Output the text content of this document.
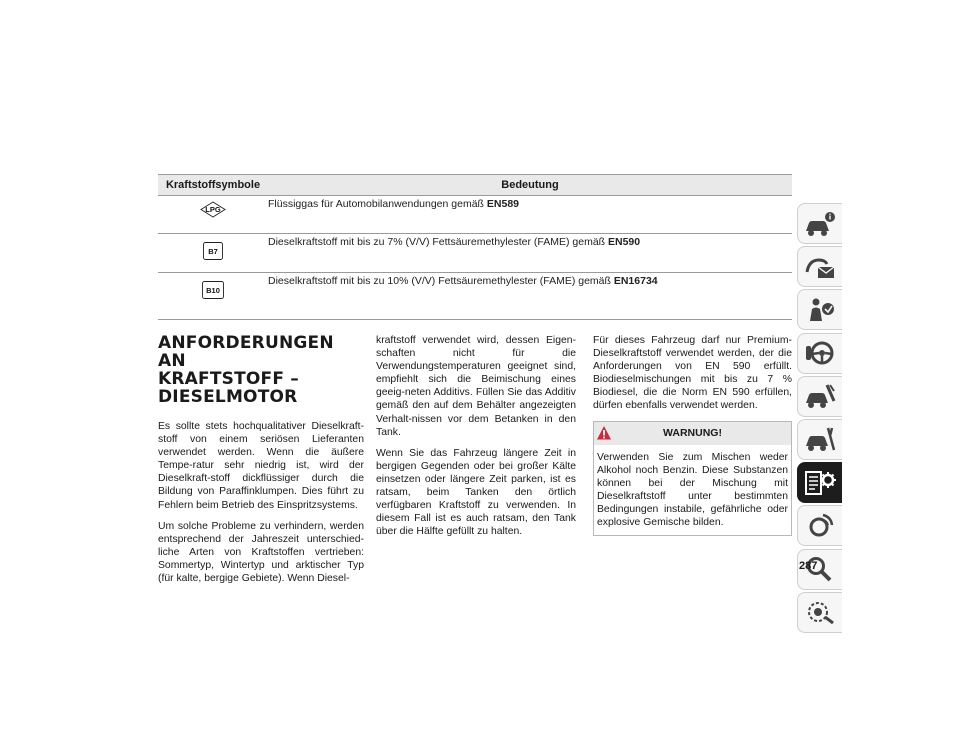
Kraftstoffsymbole	Bedeutung

LPG	Flüssiggas für Automobilanwendungen gemäß EN589

B7	Dieselkraftstoff mit bis zu 7% (V/V) Fettsäuremethylester (FAME) gemäß EN590

B10	Dieselkraftstoff mit bis zu 10% (V/V) Fettsäuremethylester (FAME) gemäß EN16734
ANFORDERUNGEN AN
KRAFTSTOFF –
DIESELMOTOR

Es sollte stets hochqualitativer Dieselkraft-stoff von einem seriösen Lieferanten verwendet werden. Wenn die äußere Tempe-ratur sehr niedrig ist, wird der Dieselkraft-stoff dickflüssiger durch die Bildung von Paraffinklumpen. Dies führt zu Fehlern beim Betrieb des Einspritzsystems.

Um solche Probleme zu verhindern, werden entsprechend der Jahreszeit unterschied-liche Arten von Kraftstoffen vertrieben: Sommertyp, Wintertyp und arktischer Typ (für kalte, bergige Gebiete). Wenn Diesel-

kraftstoff verwendet wird, dessen Eigen-schaften nicht für die Verwendungstemperaturen geeignet sind, empfiehlt sich die Beimischung eines geeig-neten Additivs. Füllen Sie das Additiv gemäß den auf dem Behälter angezeigten Verhalt-nissen vor dem Betanken in den Tank.

Wenn Sie das Fahrzeug längere Zeit in bergigen Gegenden oder bei großer Kälte einsetzen oder längere Zeit parken, ist es ratsam, beim Tanken den örtlich verfügbaren Kraftstoff zu verwenden. In diesem Fall ist es auch ratsam, den Tank über die Hälfte gefüllt zu halten.

Für dieses Fahrzeug darf nur Premium-Dieselkraftstoff verwendet werden, der die Anforderungen von EN 590 erfüllt. Biodieselmischungen mit bis zu 7 % Biodiesel, die die Norm EN 590 erfüllen, dürfen ebenfalls verwendet werden.

WARNUNG!
Verwenden Sie zum Mischen weder Alkohol noch Benzin. Diese Substanzen können bei der Mischung mit Dieselkraftstoff unter bestimmten Bedingungen instabile, gefährliche oder explosive Gemische bilden.
287
